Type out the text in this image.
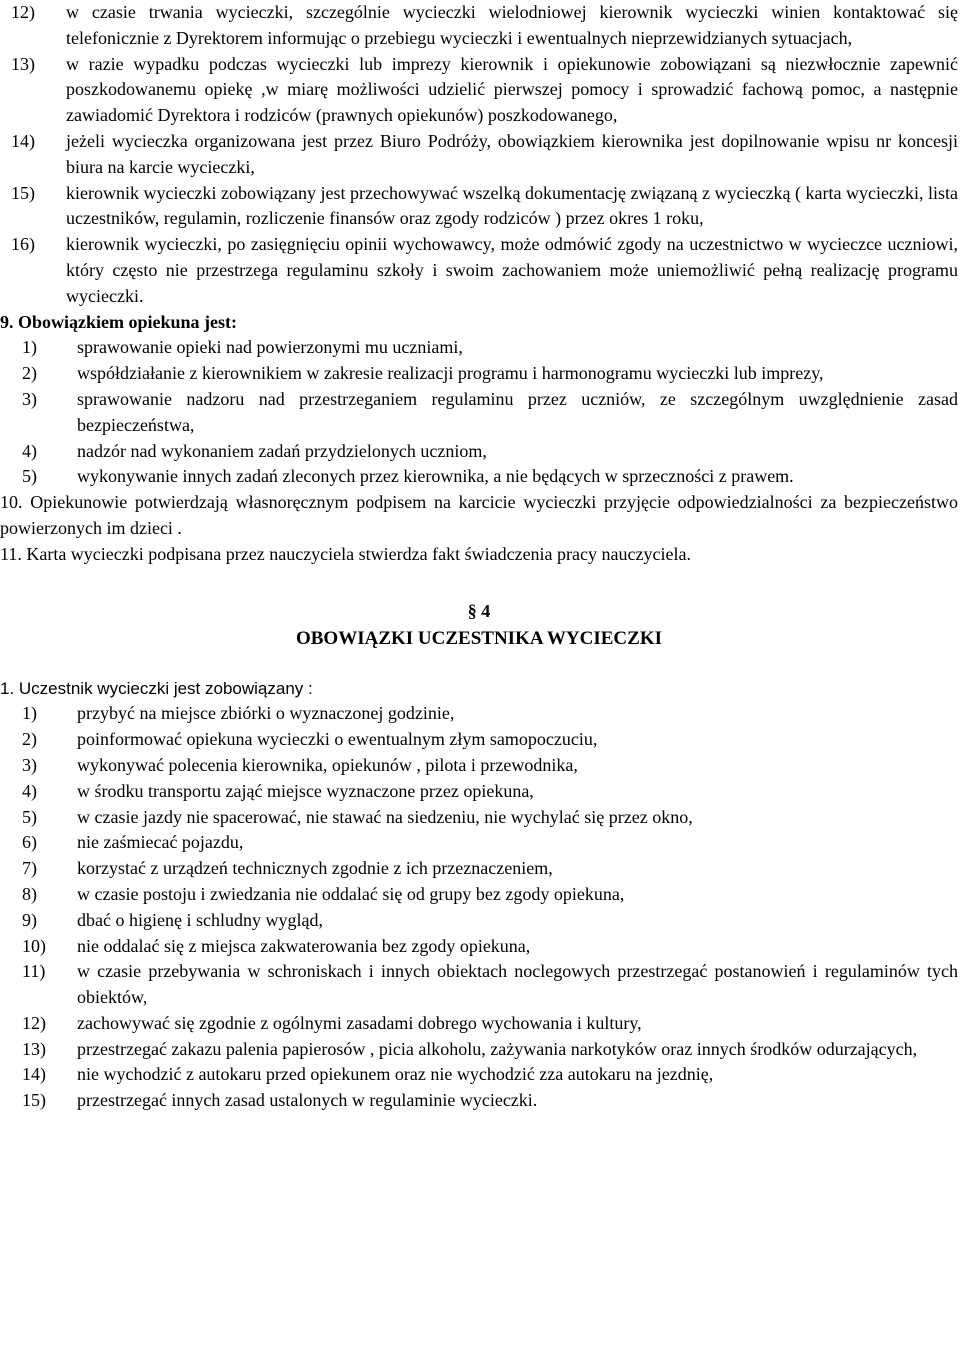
12)	w czasie trwania wycieczki, szczególnie wycieczki wielodniowej kierownik wycieczki winien kontaktować się telefonicznie z Dyrektorem informując o przebiegu wycieczki i ewentualnych nieprzewidzianych sytuacjach,
13)	w razie wypadku podczas wycieczki lub imprezy kierownik i opiekunowie zobowiązani są niezwłocznie zapewnić poszkodowanemu opiekę ,w miarę możliwości udzielić pierwszej pomocy i sprowadzić fachową pomoc, a następnie zawiadomić Dyrektora i rodziców (prawnych opiekunów) poszkodowanego,
14)	jeżeli wycieczka organizowana jest przez Biuro Podróży, obowiązkiem kierownika jest dopilnowanie wpisu nr koncesji biura na karcie wycieczki,
15)	kierownik wycieczki zobowiązany jest przechowywać wszelką dokumentację związaną z wycieczką ( karta wycieczki, lista uczestników, regulamin, rozliczenie finansów oraz zgody rodziców ) przez okres 1 roku,
16)	kierownik wycieczki, po zasięgnięciu opinii wychowawcy, może odmówić zgody na uczestnictwo w wycieczce uczniowi, który często nie przestrzega regulaminu szkoły i swoim zachowaniem może uniemożliwić pełną realizację programu wycieczki.
9. Obowiązkiem opiekuna jest:
1)	sprawowanie opieki nad powierzonymi mu uczniami,
2)	współdziałanie z kierownikiem w zakresie realizacji programu i harmonogramu wycieczki lub imprezy,
3)	sprawowanie nadzoru nad przestrzeganiem regulaminu przez uczniów, ze szczególnym uwzględnienie zasad bezpieczeństwa,
4)	nadzór nad wykonaniem zadań przydzielonych uczniom,
5)	wykonywanie innych zadań zleconych przez kierownika, a nie będących w sprzeczności z prawem.
10. Opiekunowie potwierdzają własnoręcznym podpisem na karcicie wycieczki przyjęcie odpowiedzialności za bezpieczeństwo powierzonych im dzieci .
11. Karta wycieczki podpisana przez nauczyciela stwierdza fakt świadczenia pracy nauczyciela.
§ 4
OBOWIĄZKI UCZESTNIKA WYCIECZKI
1. Uczestnik wycieczki jest zobowiązany :
1)	przybyć na miejsce zbiórki o wyznaczonej godzinie,
2)	poinformować opiekuna wycieczki o ewentualnym złym samopoczuciu,
3)	wykonywać polecenia kierownika, opiekunów , pilota i przewodnika,
4)	w środku transportu zająć miejsce wyznaczone przez opiekuna,
5)	w czasie jazdy nie spacerować, nie stawać na siedzeniu, nie wychylać się przez okno,
6)	nie zaśmiecać pojazdu,
7)	korzystać z urządzeń technicznych zgodnie z ich przeznaczeniem,
8)	w czasie postoju i zwiedzania nie oddalać się od grupy bez zgody opiekuna,
9)	dbać o higienę i schludny wygląd,
10)	nie oddalać się z miejsca zakwaterowania bez zgody opiekuna,
11)	w czasie przebywania w schroniskach i innych obiektach noclegowych przestrzegać postanowień i regulaminów tych obiektów,
12)	zachowywać się zgodnie z ogólnymi zasadami dobrego wychowania i kultury,
13)	przestrzegać zakazu palenia papierosów , picia alkoholu, zażywania narkotyków oraz innych środków odurzających,
14)	nie wychodzić z autokaru przed opiekunem oraz nie wychodzić zza autokaru na jezdnię,
15)	przestrzegać innych zasad ustalonych w regulaminie wycieczki.
